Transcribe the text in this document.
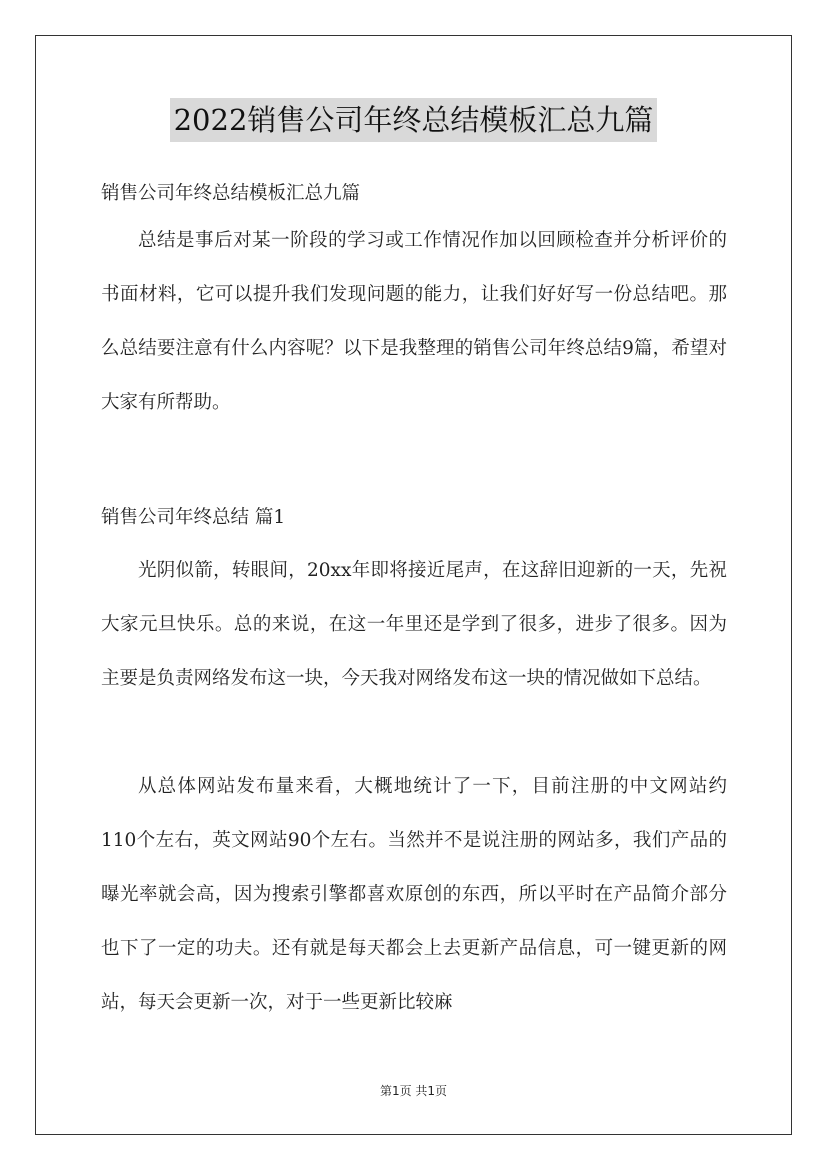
2022销售公司年终总结模板汇总九篇
销售公司年终总结模板汇总九篇

总结是事后对某一阶段的学习或工作情况作加以回顾检查并分析评价的书面材料，它可以提升我们发现问题的能力，让我们好好写一份总结吧。那么总结要注意有什么内容呢？以下是我整理的销售公司年终总结9篇，希望对大家有所帮助。

销售公司年终总结 篇1

光阴似箭，转眼间，20xx年即将接近尾声，在这辞旧迎新的一天，先祝大家元旦快乐。总的来说，在这一年里还是学到了很多，进步了很多。因为主要是负责网络发布这一块，今天我对网络发布这一块的情况做如下总结。

从总体网站发布量来看，大概地统计了一下，目前注册的中文网站约110个左右，英文网站90个左右。当然并不是说注册的网站多，我们产品的曝光率就会高，因为搜索引擎都喜欢原创的东西，所以平时在产品简介部分也下了一定的功夫。还有就是每天都会上去更新产品信息，可一键更新的网站，每天会更新一次，对于一些更新比较麻

第1页 共1页
